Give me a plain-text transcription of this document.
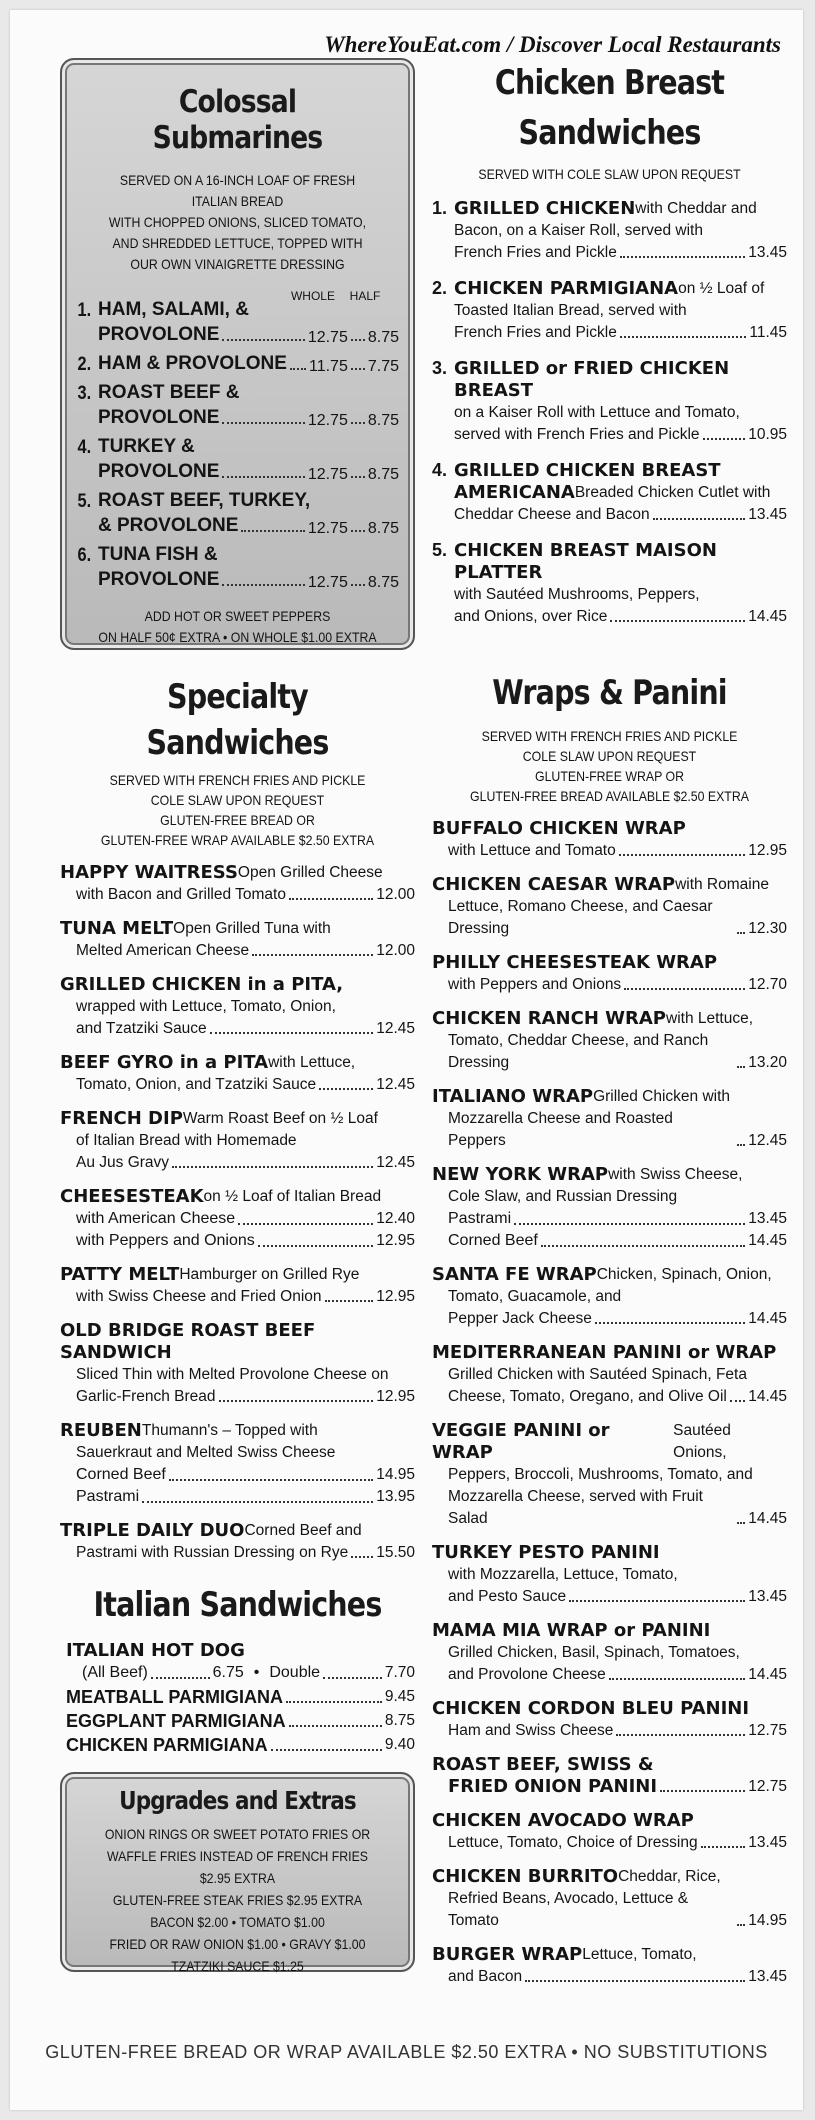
WhereYouEat.com / Discover Local Restaurants
Colossal Submarines
SERVED ON A 16-INCH LOAF OF FRESH ITALIAN BREAD
WITH CHOPPED ONIONS, SLICED TOMATO,
AND SHREDDED LETTUCE, TOPPED WITH
OUR OWN VINAIGRETTE DRESSING
WHOLE	HALF
1. HAM, SALAMI, &
PROVOLONE	12.75 8.75
2. HAM & PROVOLONE 11.75 7.75
3. ROAST BEEF &
PROVOLONE	12.75 8.75
4. TURKEY &
PROVOLONE	12.75 8.75
5. ROAST BEEF, TURKEY,
& PROVOLONE	12.75 8.75
6. TUNA FISH &
PROVOLONE	12.75 8.75
ADD HOT OR SWEET PEPPERS
ON HALF 50¢ EXTRA • ON WHOLE $1.00 EXTRA
Specialty Sandwiches
SERVED WITH FRENCH FRIES AND PICKLE
COLE SLAW UPON REQUEST
GLUTEN-FREE BREAD OR
GLUTEN-FREE WRAP AVAILABLE $2.50 EXTRA
HAPPY WAITRESS Open Grilled Cheese
with Bacon and Grilled Tomato	12.00
TUNA MELT Open Grilled Tuna with
Melted American Cheese	12.00
GRILLED CHICKEN in a PITA,
wrapped with Lettuce, Tomato, Onion,
and Tzatziki Sauce	12.45
BEEF GYRO in a PITA with Lettuce,
Tomato, Onion, and Tzatziki Sauce	12.45
FRENCH DIP Warm Roast Beef on ½ Loaf
of Italian Bread with Homemade
Au Jus Gravy	12.45
CHEESESTEAK on ½ Loaf of Italian Bread
with American Cheese	12.40
with Peppers and Onions	12.95
PATTY MELT Hamburger on Grilled Rye
with Swiss Cheese and Fried Onion	12.95
OLD BRIDGE ROAST BEEF SANDWICH
Sliced Thin with Melted Provolone Cheese on
Garlic-French Bread	12.95
REUBEN Thumann's – Topped with
Sauerkraut and Melted Swiss Cheese
Corned Beef	14.95
Pastrami	13.95
TRIPLE DAILY DUO Corned Beef and
Pastrami with Russian Dressing on Rye 15.50
Italian Sandwiches
ITALIAN HOT DOG
(All Beef)	6.75 • Double	7.70
MEATBALL PARMIGIANA	9.45
EGGPLANT PARMIGIANA	8.75
CHICKEN PARMIGIANA	9.40
Upgrades and Extras
ONION RINGS OR SWEET POTATO FRIES OR
WAFFLE FRIES INSTEAD OF FRENCH FRIES $2.95 EXTRA
GLUTEN-FREE STEAK FRIES $2.95 EXTRA
BACON $2.00 • TOMATO $1.00
FRIED OR RAW ONION $1.00 • GRAVY $1.00
TZATZIKI SAUCE $1.25
Chicken Breast
Sandwiches
SERVED WITH COLE SLAW UPON REQUEST
1. GRILLED CHICKEN with Cheddar and
Bacon, on a Kaiser Roll, served with
French Fries and Pickle	13.45
2. CHICKEN PARMIGIANA on ½ Loaf of
Toasted Italian Bread, served with
French Fries and Pickle	11.45
3. GRILLED or FRIED CHICKEN BREAST
on a Kaiser Roll with Lettuce and Tomato,
served with French Fries and Pickle	10.95
4. GRILLED CHICKEN BREAST
AMERICANA Breaded Chicken Cutlet with
Cheddar Cheese and Bacon	13.45
5. CHICKEN BREAST MAISON PLATTER
with Sautéed Mushrooms, Peppers,
and Onions, over Rice	14.45
Wraps & Panini
SERVED WITH FRENCH FRIES AND PICKLE
COLE SLAW UPON REQUEST
GLUTEN-FREE WRAP OR
GLUTEN-FREE BREAD AVAILABLE $2.50 EXTRA
BUFFALO CHICKEN WRAP
with Lettuce and Tomato	12.95
CHICKEN CAESAR WRAP with Romaine
Lettuce, Romano Cheese, and Caesar Dressing	12.30
PHILLY CHEESESTEAK WRAP
with Peppers and Onions	12.70
CHICKEN RANCH WRAP with Lettuce,
Tomato, Cheddar Cheese, and Ranch Dressing	13.20
ITALIANO WRAP Grilled Chicken with
Mozzarella Cheese and Roasted Peppers	12.45
NEW YORK WRAP with Swiss Cheese,
Cole Slaw, and Russian Dressing
Pastrami	13.45
Corned Beef	14.45
SANTA FE WRAP Chicken, Spinach, Onion,
Tomato, Guacamole, and
Pepper Jack Cheese	14.45
MEDITERRANEAN PANINI or WRAP
Grilled Chicken with Sautéed Spinach, Feta
Cheese, Tomato, Oregano, and Olive Oil 14.45
VEGGIE PANINI or WRAP
Sautéed Onions,
Peppers, Broccoli, Mushrooms, Tomato, and
Mozzarella Cheese, served with Fruit Salad	14.45
TURKEY PESTO PANINI
with Mozzarella, Lettuce, Tomato,
and Pesto Sauce	13.45
MAMA MIA WRAP or PANINI
Grilled Chicken, Basil, Spinach, Tomatoes,
and Provolone Cheese	14.45
CHICKEN CORDON BLEU PANINI
Ham and Swiss Cheese	12.75
ROAST BEEF, SWISS &
FRIED ONION PANINI	12.75
CHICKEN AVOCADO WRAP
Lettuce, Tomato, Choice of Dressing	13.45
CHICKEN BURRITO Cheddar, Rice,
Refried Beans, Avocado, Lettuce & Tomato	14.95
BURGER WRAP Lettuce, Tomato,
and Bacon	13.45
GLUTEN-FREE BREAD OR WRAP AVAILABLE $2.50 EXTRA • NO SUBSTITUTIONS
